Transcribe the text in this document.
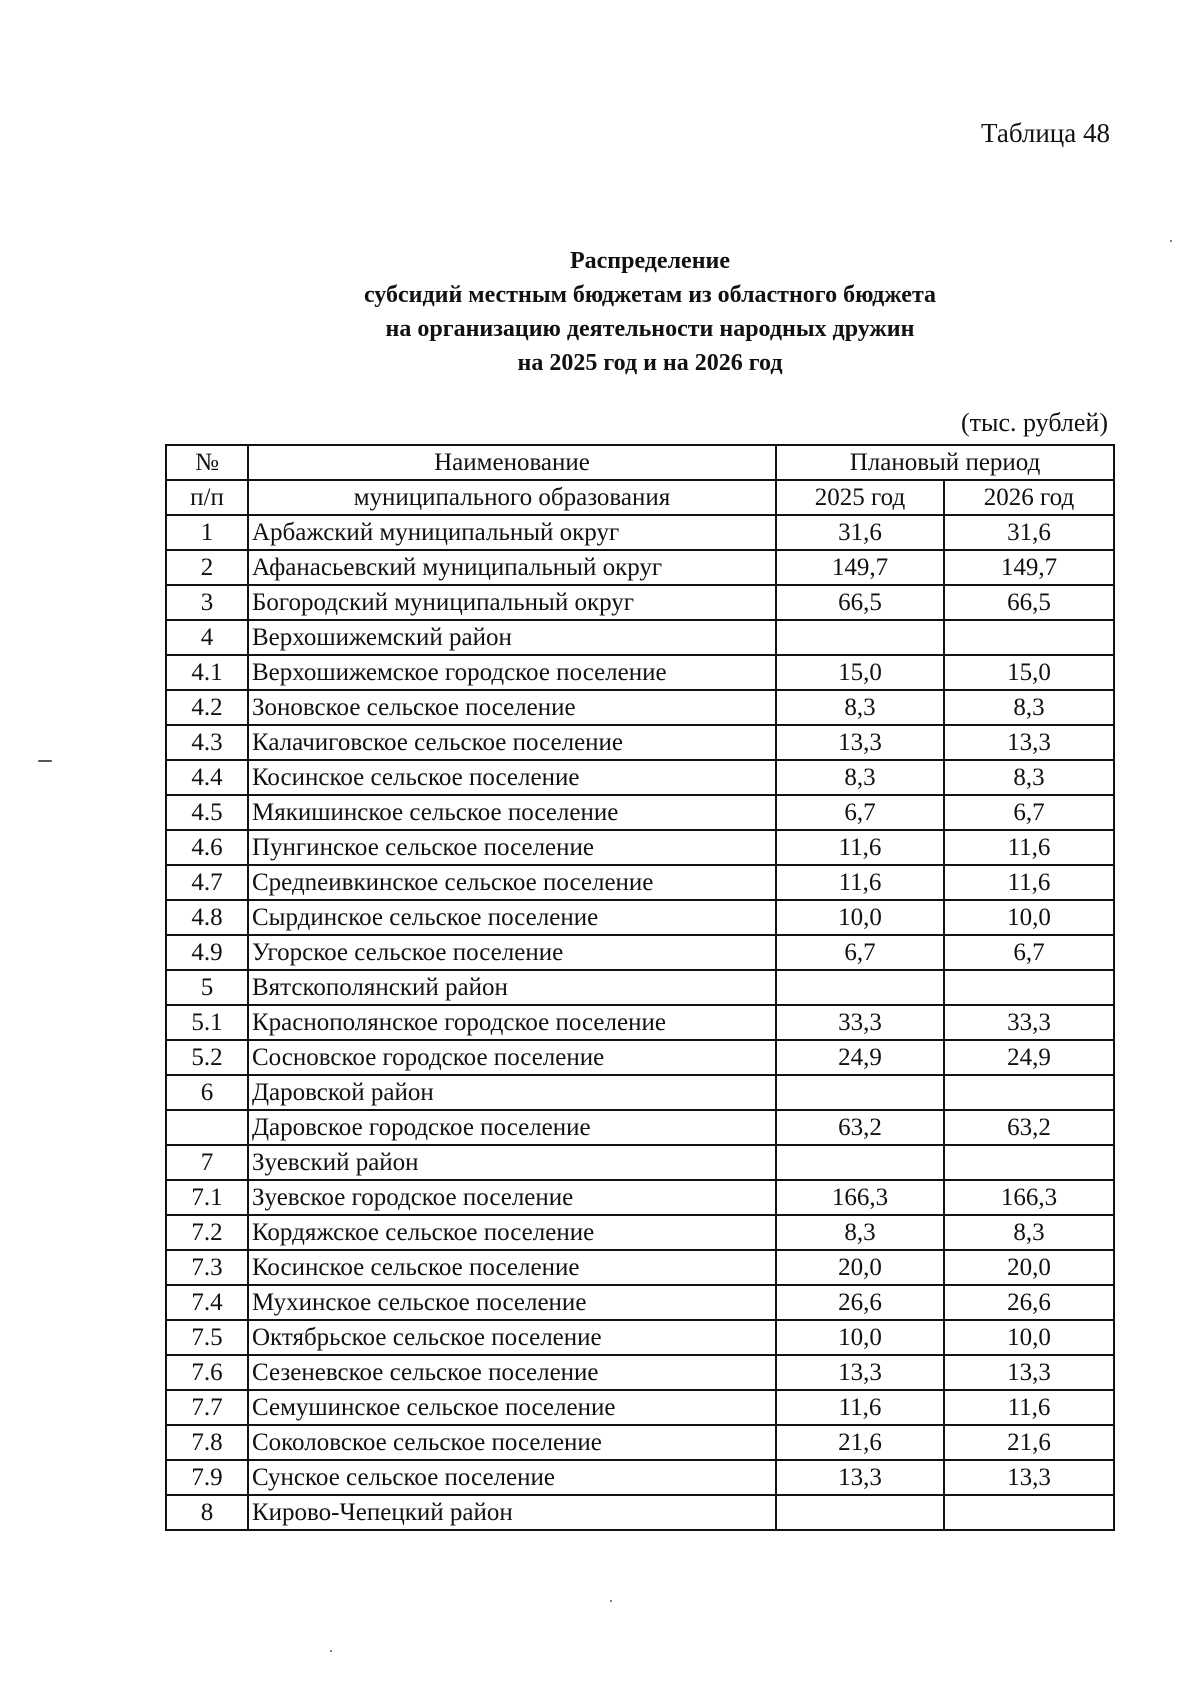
Таблица 48

Распределение
субсидий местным бюджетам из областного бюджета
на организацию деятельности народных дружин
на 2025 год и на 2026 год

(тыс. рублей)

№	Наименование	Плановый период	
п/п	муниципального образования	2025 год	2026 год
1	Арбажский муниципальный округ	31,6	31,6
2	Афанасьевский муниципальный округ	149,7	149,7
3	Богородский муниципальный округ	66,5	66,5
4	Верхошижемский район		
4.1	Верхошижемское городское поселение	15,0	15,0
4.2	Зоновское сельское поселение	8,3	8,3
4.3	Калачиговское сельское поселение	13,3	13,3
4.4	Косинское сельское поселение	8,3	8,3
4.5	Мякишинское сельское поселение	6,7	6,7
4.6	Пунгинское сельское поселение	11,6	11,6
4.7	Средneивкинское сельское поселение	11,6	11,6
4.8	Сырдинское сельское поселение	10,0	10,0
4.9	Угорское сельское поселение	6,7	6,7
5	Вятскополянский район		
5.1	Краснополянское городское поселение	33,3	33,3
5.2	Сосновское городское поселение	24,9	24,9
6	Даровской район		
	Даровское городское поселение	63,2	63,2
7	Зуевский район		
7.1	Зуевское городское поселение	166,3	166,3
7.2	Кордяжское сельское поселение	8,3	8,3
7.3	Косинское сельское поселение	20,0	20,0
7.4	Мухинское сельское поселение	26,6	26,6
7.5	Октябрьское сельское поселение	10,0	10,0
7.6	Сезеневское сельское поселение	13,3	13,3
7.7	Семушинское сельское поселение	11,6	11,6
7.8	Соколовское сельское поселение	21,6	21,6
7.9	Сунское сельское поселение	13,3	13,3
8	Кирово-Чепецкий район		
